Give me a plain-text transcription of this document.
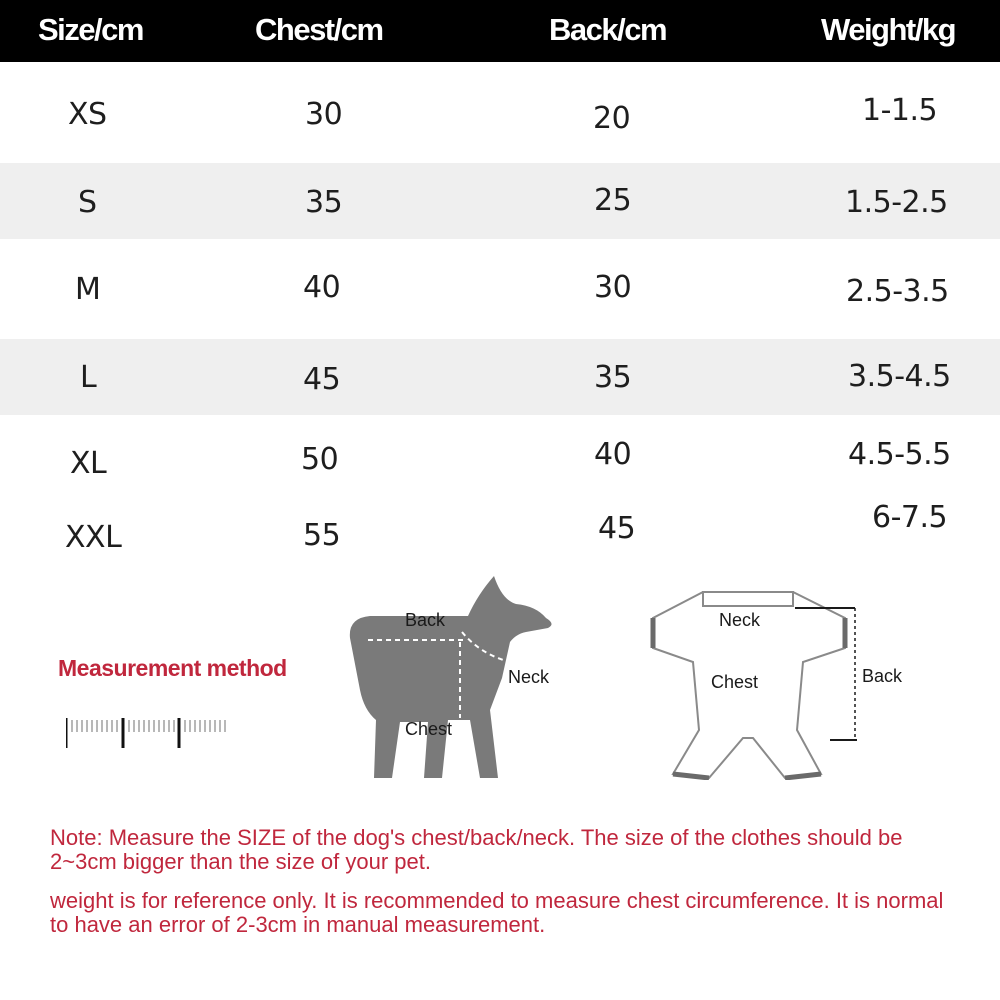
Size/cm	Chest/cm	Back/cm	Weight/kg
XS	30	20	1-1.5
S	35	25	1.5-2.5
M	40	30	2.5-3.5
L	45	35	3.5-4.5
XL	50	40	4.5-5.5
XXL	55	45	6-7.5
Measurement method
Back
Neck
Chest
Neck
Chest	Back

Note: Measure the SIZE of the dog's chest/back/neck. The size of the clothes should be 2~3cm bigger than the size of your pet.

weight is for reference only. It is recommended to measure chest circumference. It is normal to have an error of 2-3cm in manual measurement.
